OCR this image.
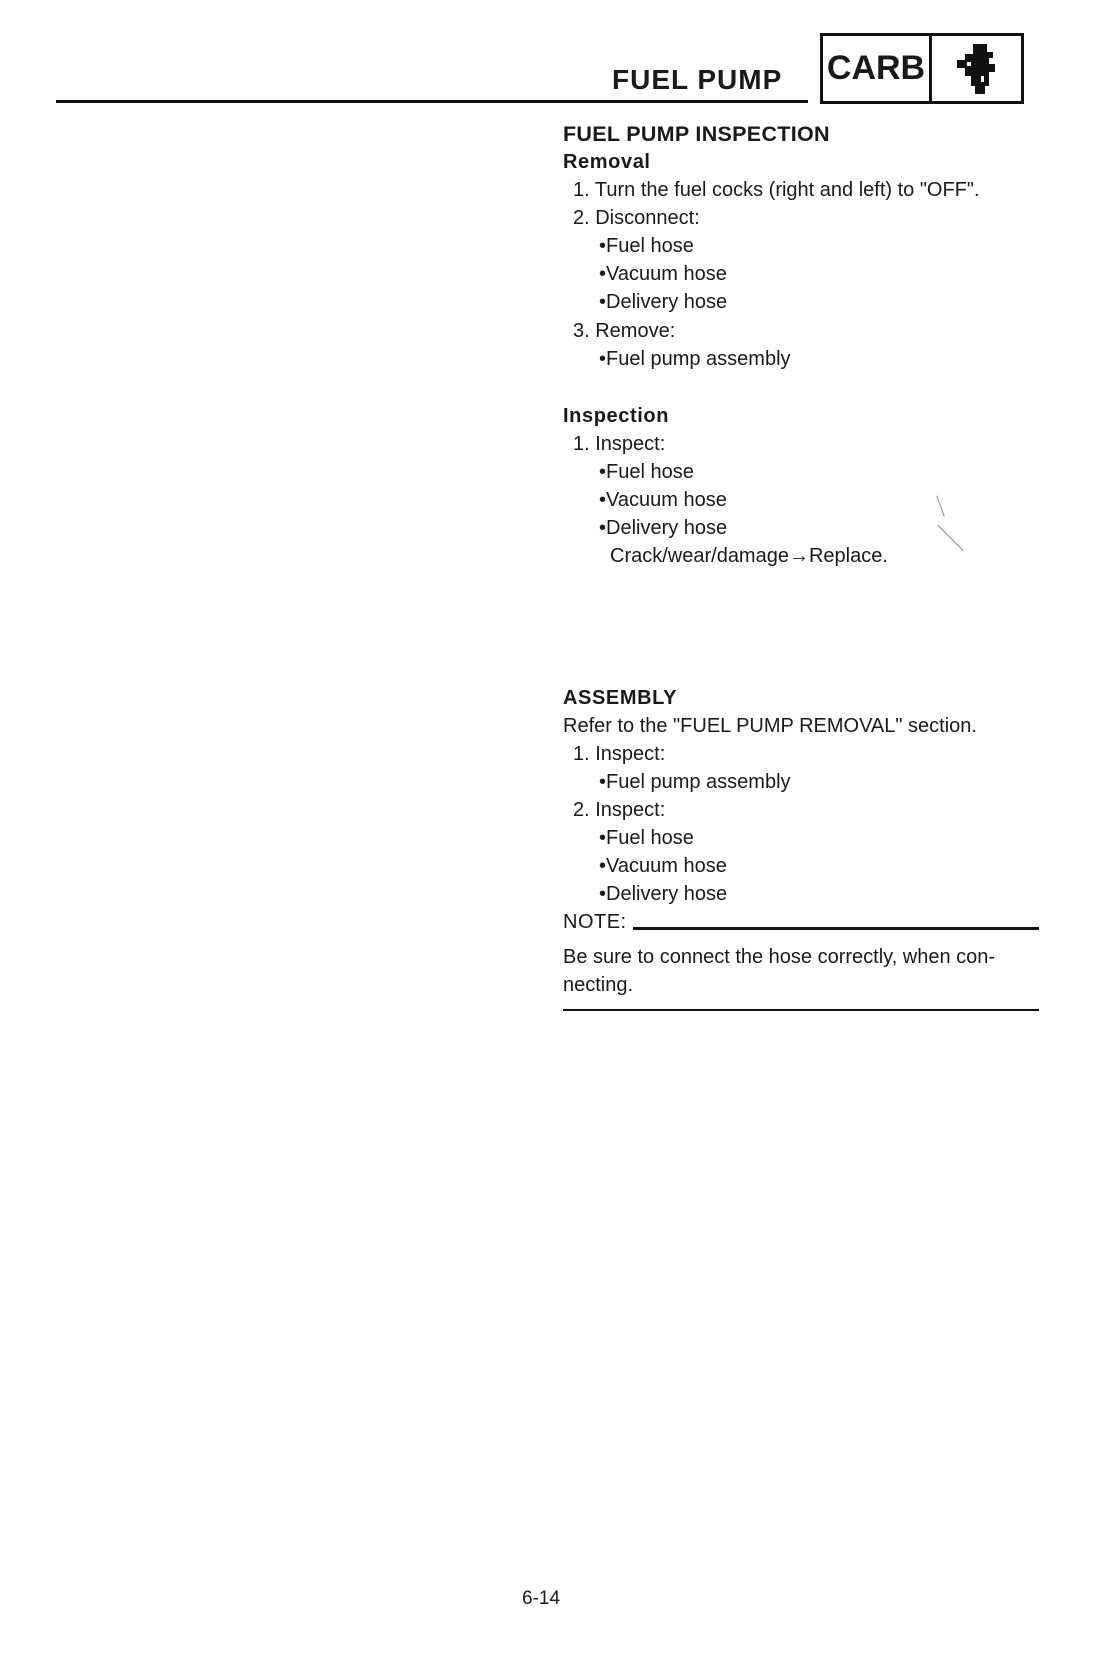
FUEL PUMP CARB
FUEL PUMP INSPECTION
Removal
1. Turn the fuel cocks (right and left) to "OFF".
2. Disconnect:
•Fuel hose
•Vacuum hose
•Delivery hose
3. Remove:
•Fuel pump assembly
Inspection
1. Inspect:
•Fuel hose
•Vacuum hose
•Delivery hose
Crack/wear/damage→Replace.
ASSEMBLY
Refer to the "FUEL PUMP REMOVAL" section.
1. Inspect:
•Fuel pump assembly
2. Inspect:
•Fuel hose
•Vacuum hose
•Delivery hose
NOTE:
Be sure to connect the hose correctly, when con-
necting.
6-14
